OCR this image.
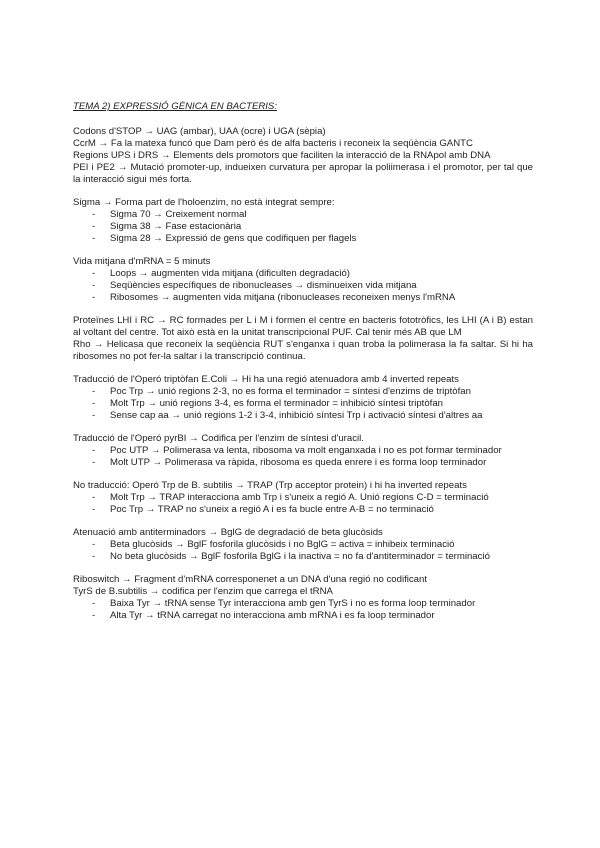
TEMA 2) EXPRESSIÓ GÈNICA EN BACTERIS:
Codons d'STOP → UAG (ambar), UAA (ocre) i UGA (sèpia)
CcrM → Fa la matexa funcó que Dam però és de alfa bacteris i reconeix la seqüència GANTC
Regions UPS i DRS → Elements dels promotors que faciliten la interacció de la RNApol amb DNA
PEI i PE2 → Mutació promoter-up, indueixen curvatura per apropar la poliimerasa i el promotor, per tal que la interacció sigui més forta.
Sigma → Forma part de l'holoenzim, no està integrat sempre:
- Sigma 70 → Creixement normal
- Sigma 38 → Fase estacionària
- Sigma 28 → Expressió de gens que codifiquen per flagels
Vida mitjana d'mRNA = 5 minuts
- Loops → augmenten vida mitjana (dificulten degradació)
- Seqüències específiques de ribonucleases → disminueixen vida mitjana
- Ribosomes → augmenten vida mitjana (ribonucleases reconeixen menys l'mRNA
Proteïnes LHI i RC → RC formades per L i M i formen el centre en bacteris fototròfics, les LHI (A i B) estan al voltant del centre. Tot això està en la unitat transcripcional PUF. Cal tenir més AB que LM
Rho → Helicasa que reconeix la seqüència RUT s'enganxa i quan troba la polimerasa la fa saltar. Si hi ha ribosomes no pot fer-la saltar i la transcripció continua.
Traducció de l'Operó triptòfan E.Coli → Hi ha una regió atenuadora amb 4 inverted repeats
- Poc Trp → unió regions 2-3, no es forma el terminador = síntesi d'enzims de triptòfan
- Molt Trp → unió regions 3-4, es forma el terminador = inhibició síntesi triptòfan
- Sense cap aa → unió regions 1-2 i 3-4, inhibició síntesi Trp i activació síntesi d'altres aa
Traducció de l'Operó pyrBI → Codifica per l'enzim de síntesi d'uracil.
- Poc UTP → Polimerasa va lenta, ribosoma va molt enganxada i no es pot formar terminador
- Molt UTP → Polimerasa va ràpida, ribosoma es queda enrere i es forma loop terminador
No traducció: Operó Trp de B. subtilis → TRAP (Trp acceptor protein) i hi ha inverted repeats
- Molt Trp → TRAP interacciona amb Trp i s'uneix a regió A. Unió regions C-D = terminació
- Poc Trp → TRAP no s'uneix a regió A i es fa bucle entre A-B = no terminació
Atenuació amb antiterminadors → BglG de degradació de beta glucòsids
- Beta glucòsids → BglF fosforila glucòsids i no BglG = activa = inhibeix terminació
- No beta glucòsids → BglF fosforila BglG i la inactiva = no fa d'antiterminador = terminació
Riboswitch → Fragment d'mRNA corresponenet a un DNA d'una regió no codificant
TyrS de B.subtilis → codifica per l'enzim que carrega el tRNA
- Baixa Tyr → tRNA sense Tyr interacciona amb gen TyrS i no es forma loop terminador
- Alta Tyr → tRNA carregat no interacciona amb mRNA i es fa loop terminador
